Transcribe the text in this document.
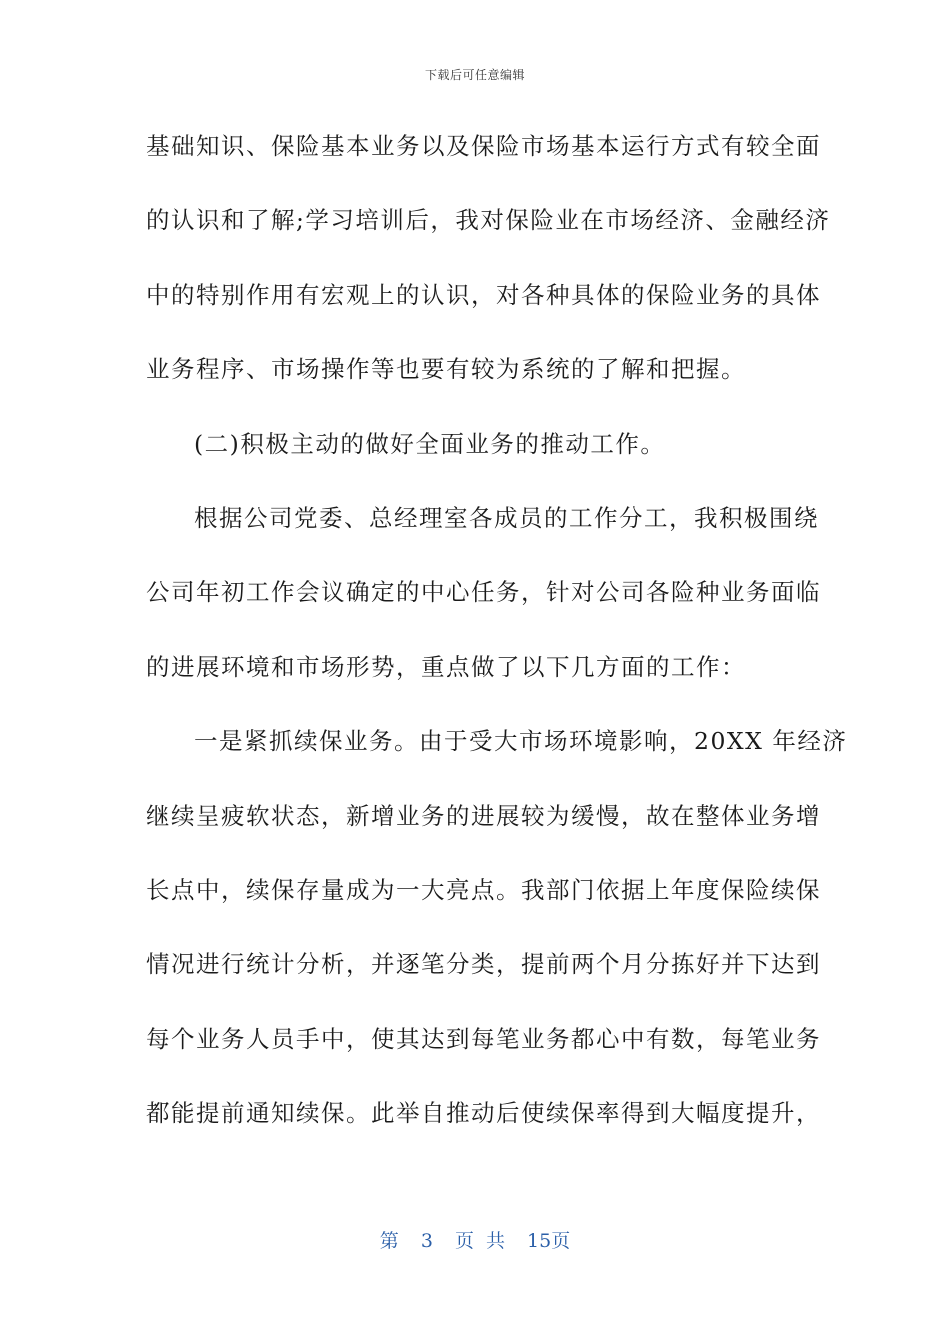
下载后可任意编辑
基础知识、保险基本业务以及保险市场基本运行方式有较全面
的认识和了解;学习培训后，我对保险业在市场经济、金融经济
中的特别作用有宏观上的认识，对各种具体的保险业务的具体
业务程序、市场操作等也要有较为系统的了解和把握。
(二)积极主动的做好全面业务的推动工作。
根据公司党委、总经理室各成员的工作分工，我积极围绕
公司年初工作会议确定的中心任务，针对公司各险种业务面临
的进展环境和市场形势，重点做了以下几方面的工作：
一是紧抓续保业务。由于受大市场环境影响，20XX 年经济
继续呈疲软状态，新增业务的进展较为缓慢，故在整体业务增
长点中，续保存量成为一大亮点。我部门依据上年度保险续保
情况进行统计分析，并逐笔分类，提前两个月分拣好并下达到
每个业务人员手中，使其达到每笔业务都心中有数，每笔业务
都能提前通知续保。此举自推动后使续保率得到大幅度提升，
第 3 页 共 15页
